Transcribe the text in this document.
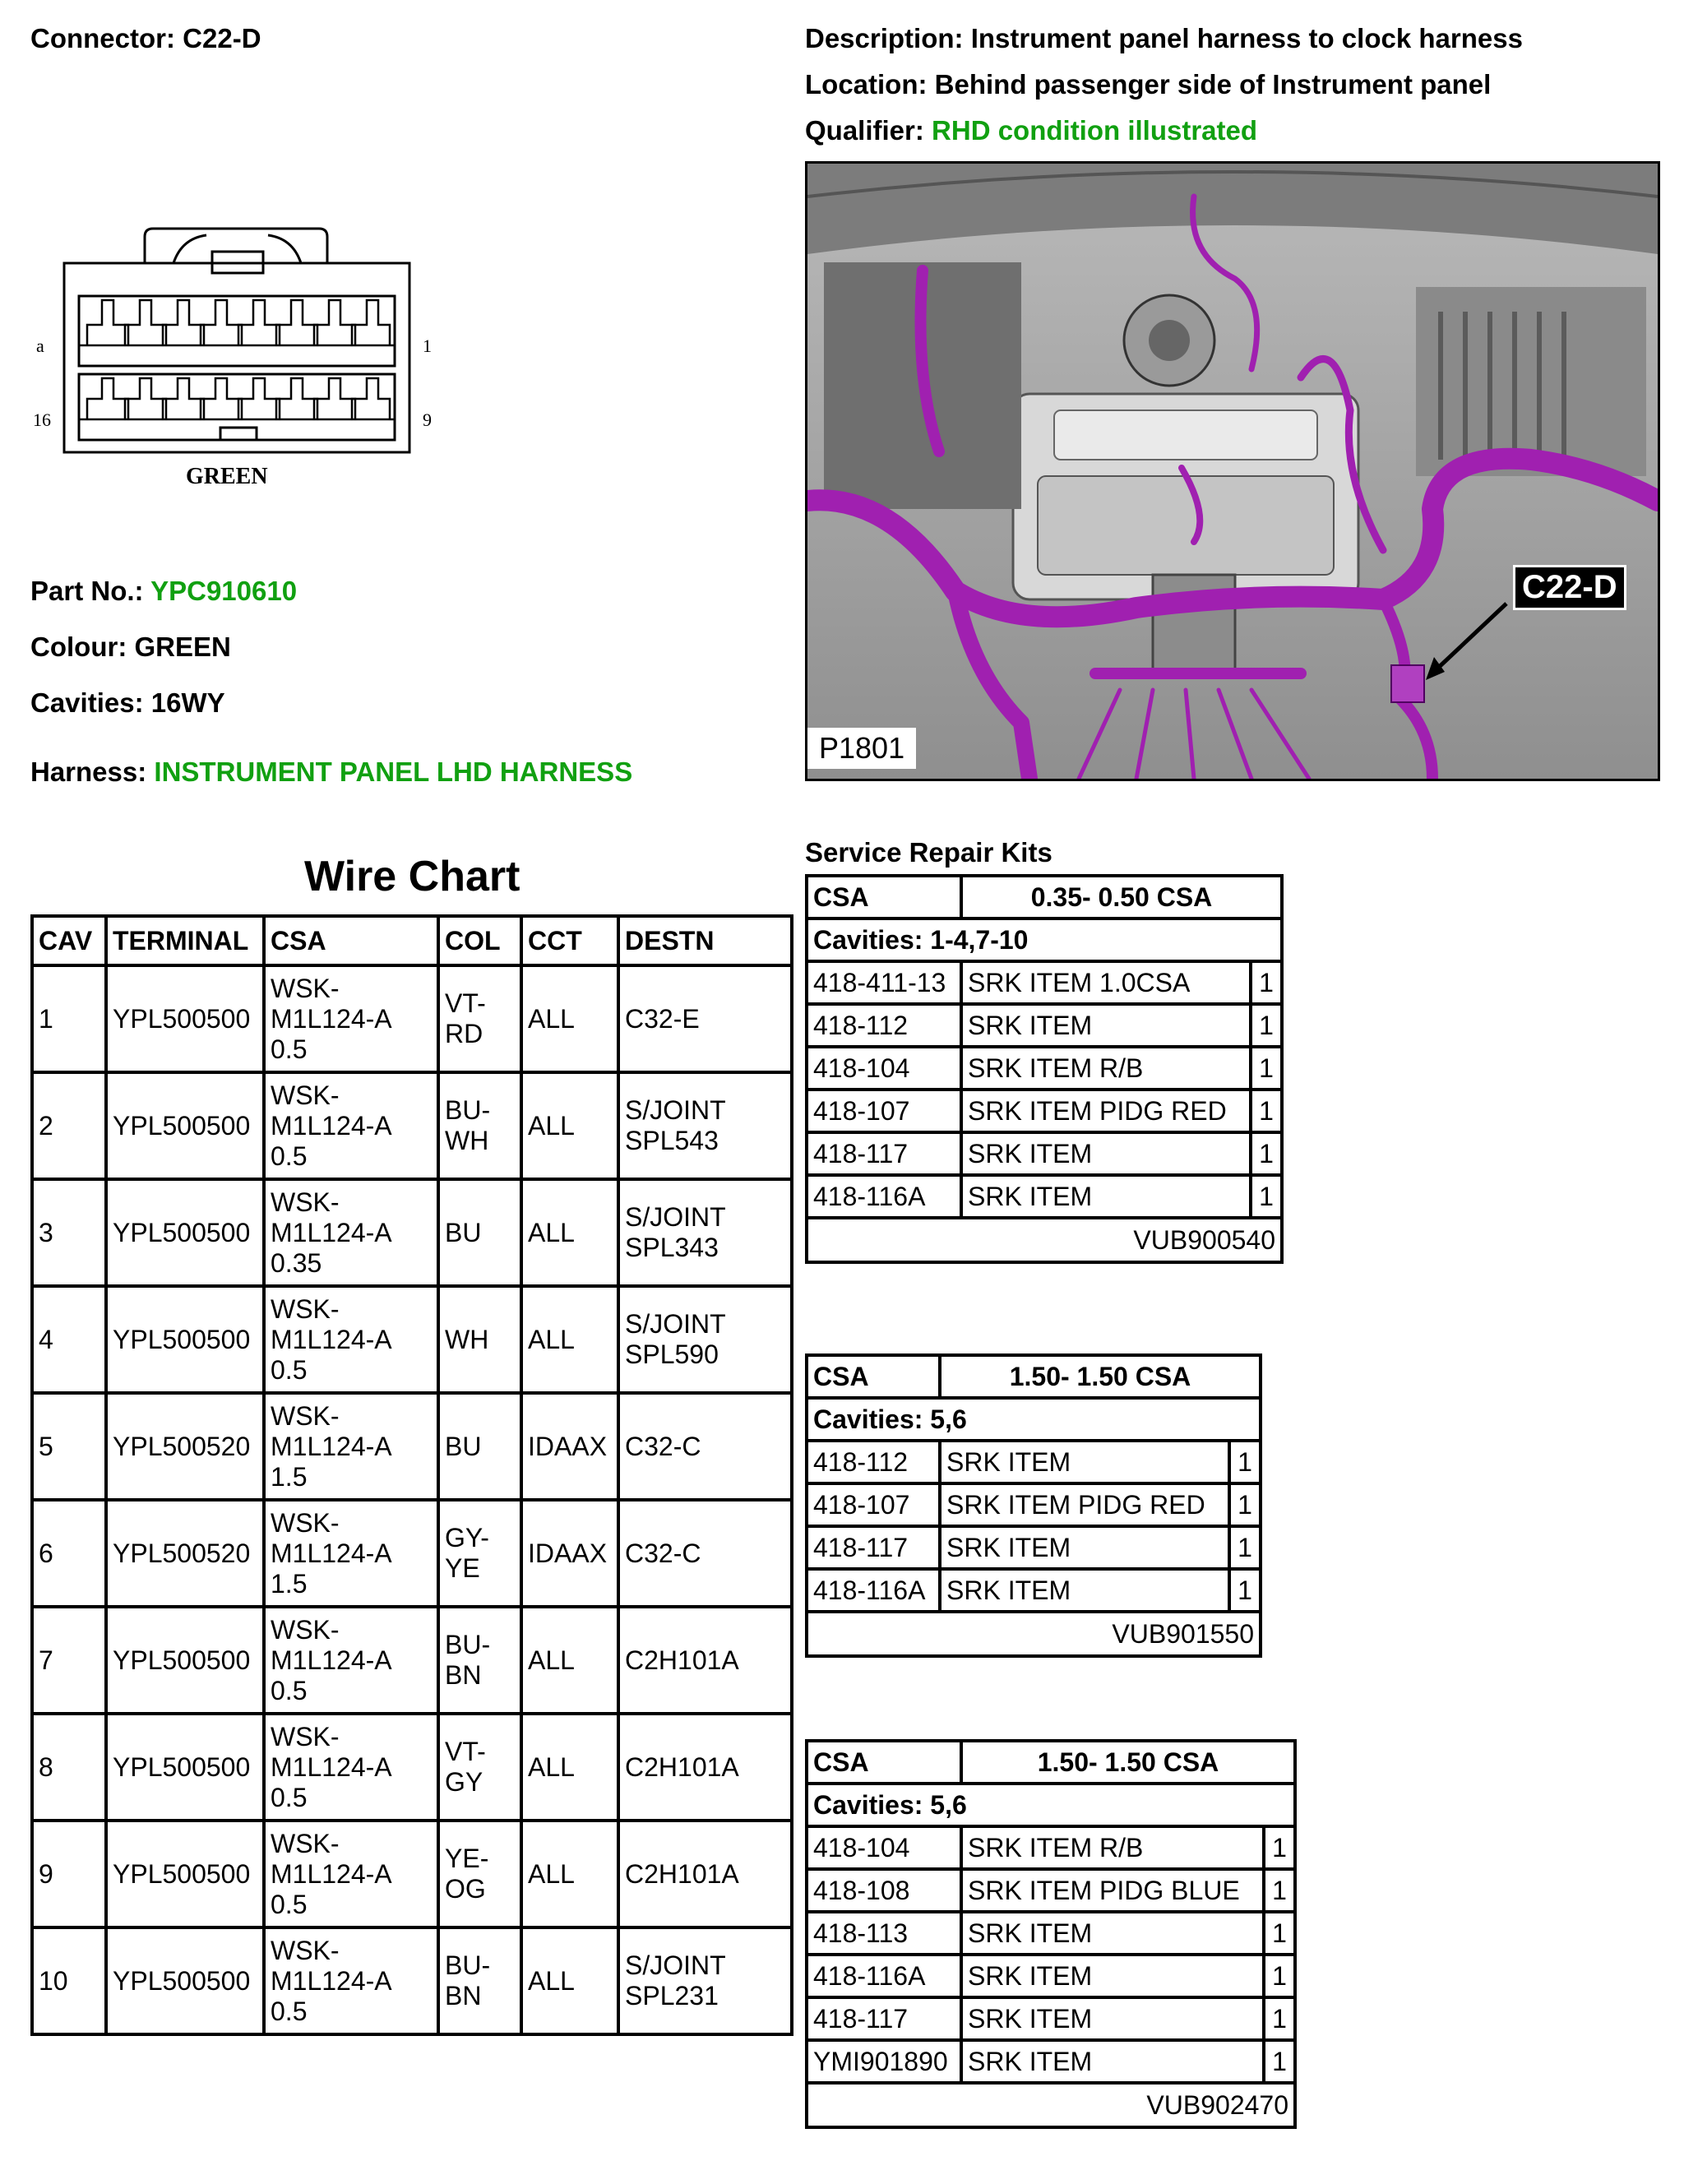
Connector: C22-D	Description: Instrument panel harness to clock harness
Location: Behind passenger side of Instrument panel
Qualifier: RHD condition illustrated
a	1
16	9
GREEN
Part No.: YPC910610
Colour: GREEN
Cavities: 16WY
Harness: INSTRUMENT PANEL LHD HARNESS
C22-D
P1801
Wire Chart
CAV	TERMINAL	CSA	COL	CCT	DESTN
1	YPL500500	WSK-M1L124-A 0.5	VT-RD	ALL	C32-E
2	YPL500500	WSK-M1L124-A 0.5	BU-WH	ALL	S/JOINT SPL543
3	YPL500500	WSK-M1L124-A 0.35	BU	ALL	S/JOINT SPL343
4	YPL500500	WSK-M1L124-A 0.5	WH	ALL	S/JOINT SPL590
5	YPL500520	WSK-M1L124-A 1.5	BU	IDAAX	C32-C
6	YPL500520	WSK-M1L124-A 1.5	GY-YE	IDAAX	C32-C
7	YPL500500	WSK-M1L124-A 0.5	BU-BN	ALL	C2H101A
8	YPL500500	WSK-M1L124-A 0.5	VT-GY	ALL	C2H101A
9	YPL500500	WSK-M1L124-A 0.5	YE-OG	ALL	C2H101A
10	YPL500500	WSK-M1L124-A 0.5	BU-BN	ALL	S/JOINT SPL231
Service Repair Kits
CSA	0.35- 0.50 CSA	
Cavities: 1-4,7-10		
418-411-13	SRK ITEM 1.0CSA	1
418-112	SRK ITEM	1
418-104	SRK ITEM R/B	1
418-107	SRK ITEM PIDG RED	1
418-117	SRK ITEM	1
418-116A	SRK ITEM	1
VUB900540		
CSA	1.50- 1.50 CSA	
Cavities: 5,6		
418-112	SRK ITEM	1
418-107	SRK ITEM PIDG RED	1
418-117	SRK ITEM	1
418-116A	SRK ITEM	1
VUB901550		
CSA	1.50- 1.50 CSA	
Cavities: 5,6		
418-104	SRK ITEM R/B	1
418-108	SRK ITEM PIDG BLUE	1
418-113	SRK ITEM	1
418-116A	SRK ITEM	1
418-117	SRK ITEM	1
YMI901890	SRK ITEM	1
VUB902470		
